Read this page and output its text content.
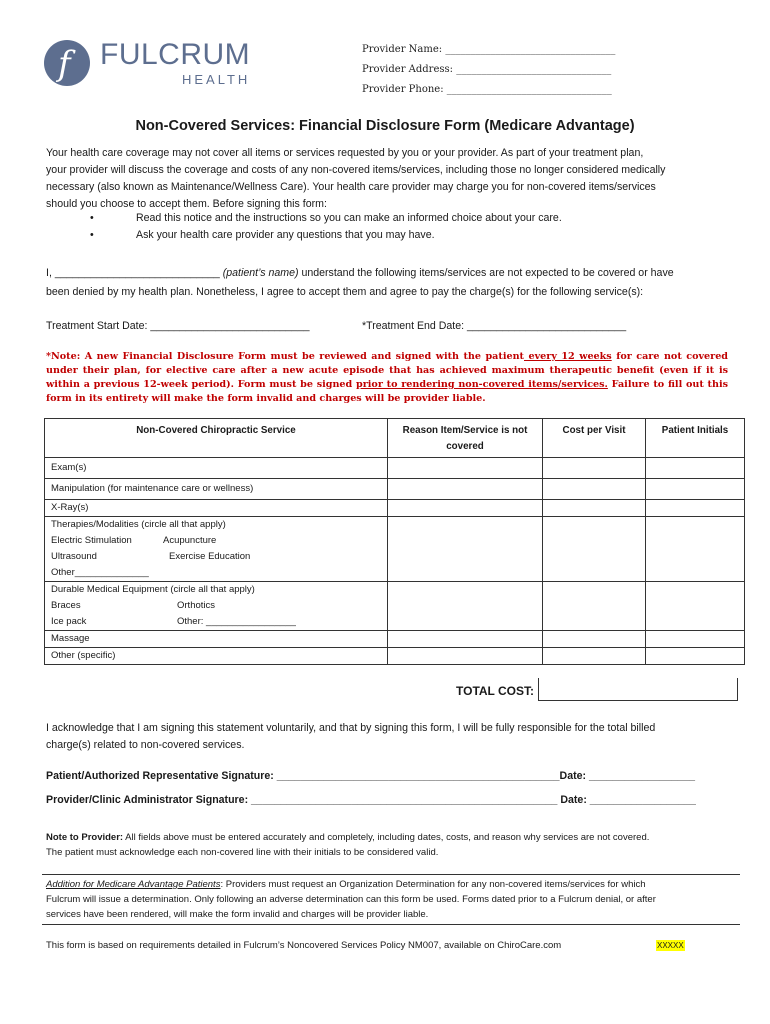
f FULCRUM
HEALTH
Provider Name: __________________________________
Provider Address: _______________________________
Provider Phone: _________________________________
Non-Covered Services: Financial Disclosure Form (Medicare Advantage)

Your health care coverage may not cover all items or services requested by you or your provider. As part of your treatment plan,

your provider will discuss the coverage and costs of any non-covered items/services, including those no longer considered medically

necessary (also known as Maintenance/Wellness Care). Your health care provider may charge you for non-covered items/services

should you choose to accept them. Before signing this form:

•	Read this notice and the instructions so you can make an informed choice about your care.
•	Ask your health care provider any questions that you may have.

I, ____________________________ (patient’s name) understand the following items/services are not expected to be covered or have

been denied by my health plan. Nonetheless, I agree to accept them and agree to pay the charge(s) for the following service(s):

Treatment Start Date: ___________________________	*Treatment End Date: ___________________________
*Note: A new Financial Disclosure Form must be reviewed and signed with the patient every 12 weeks for care not covered under their plan, for elective care after a new acute episode that has achieved maximum therapeutic benefit (even if it is within a previous 12-week period). Form must be signed prior to rendering non-covered items/services. Failure to fill out this form in its entirety will make the form invalid and charges will be provider liable.
Non-Covered Chiropractic Service	Reason Item/Service is not covered	Cost per Visit	Patient Initials
Exam(s)			
Manipulation (for maintenance care or wellness)			
X-Ray(s)			
Therapies/Modalities (circle all that apply)			
Electric Stimulation Acupuncture			
Ultrasound Exercise Education			
Other______________			
Durable Medical Equipment (circle all that apply)			
Braces Orthotics			
Ice pack Other: _________________			
Massage			
Other (specific)			
TOTAL COST:

I acknowledge that I am signing this statement voluntarily, and that by signing this form, I will be fully responsible for the total billed

charge(s) related to non-covered services.

Patient/Authorized Representative Signature: ________________________________________________Date: __________________
Provider/Clinic Administrator Signature: ____________________________________________________ Date: __________________
Note to Provider: All fields above must be entered accurately and completely, including dates, costs, and reason why services are not covered.
The patient must acknowledge each non-covered line with their initials to be considered valid.
Addition for Medicare Advantage Patients: Providers must request an Organization Determination for any non-covered items/services for which
Fulcrum will issue a determination. Only following an adverse determination can this form be used. Forms dated prior to a Fulcrum denial, or after
services have been rendered, will make the form invalid and charges will be provider liable.
This form is based on requirements detailed in Fulcrum’s Noncovered Services Policy NM007, available on ChiroCare.com	XXXXX
